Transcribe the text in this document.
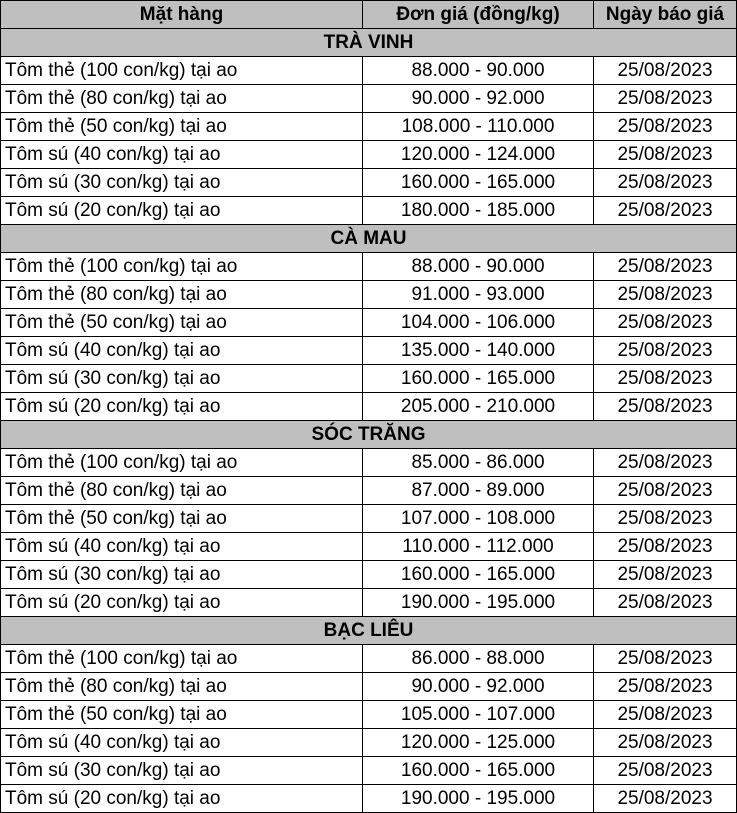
Mặt hàng	Đơn giá (đồng/kg)	Ngày báo giá
TRÀ VINH		
Tôm thẻ (100 con/kg) tại ao	88.000 - 90.000	25/08/2023
Tôm thẻ (80 con/kg) tại ao	90.000 - 92.000	25/08/2023
Tôm thẻ (50 con/kg) tại ao	108.000 - 110.000	25/08/2023
Tôm sú (40 con/kg) tại ao	120.000 - 124.000	25/08/2023
Tôm sú (30 con/kg) tại ao	160.000 - 165.000	25/08/2023
Tôm sú (20 con/kg) tại ao	180.000 - 185.000	25/08/2023
CÀ MAU		
Tôm thẻ (100 con/kg) tại ao	88.000 - 90.000	25/08/2023
Tôm thẻ (80 con/kg) tại ao	91.000 - 93.000	25/08/2023
Tôm thẻ (50 con/kg) tại ao	104.000 - 106.000	25/08/2023
Tôm sú (40 con/kg) tại ao	135.000 - 140.000	25/08/2023
Tôm sú (30 con/kg) tại ao	160.000 - 165.000	25/08/2023
Tôm sú (20 con/kg) tại ao	205.000 - 210.000	25/08/2023
SÓC TRĂNG		
Tôm thẻ (100 con/kg) tại ao	85.000 - 86.000	25/08/2023
Tôm thẻ (80 con/kg) tại ao	87.000 - 89.000	25/08/2023
Tôm thẻ (50 con/kg) tại ao	107.000 - 108.000	25/08/2023
Tôm sú (40 con/kg) tại ao	110.000 - 112.000	25/08/2023
Tôm sú (30 con/kg) tại ao	160.000 - 165.000	25/08/2023
Tôm sú (20 con/kg) tại ao	190.000 - 195.000	25/08/2023
BẠC LIÊU		
Tôm thẻ (100 con/kg) tại ao	86.000 - 88.000	25/08/2023
Tôm thẻ (80 con/kg) tại ao	90.000 - 92.000	25/08/2023
Tôm thẻ (50 con/kg) tại ao	105.000 - 107.000	25/08/2023
Tôm sú (40 con/kg) tại ao	120.000 - 125.000	25/08/2023
Tôm sú (30 con/kg) tại ao	160.000 - 165.000	25/08/2023
Tôm sú (20 con/kg) tại ao	190.000 - 195.000	25/08/2023
